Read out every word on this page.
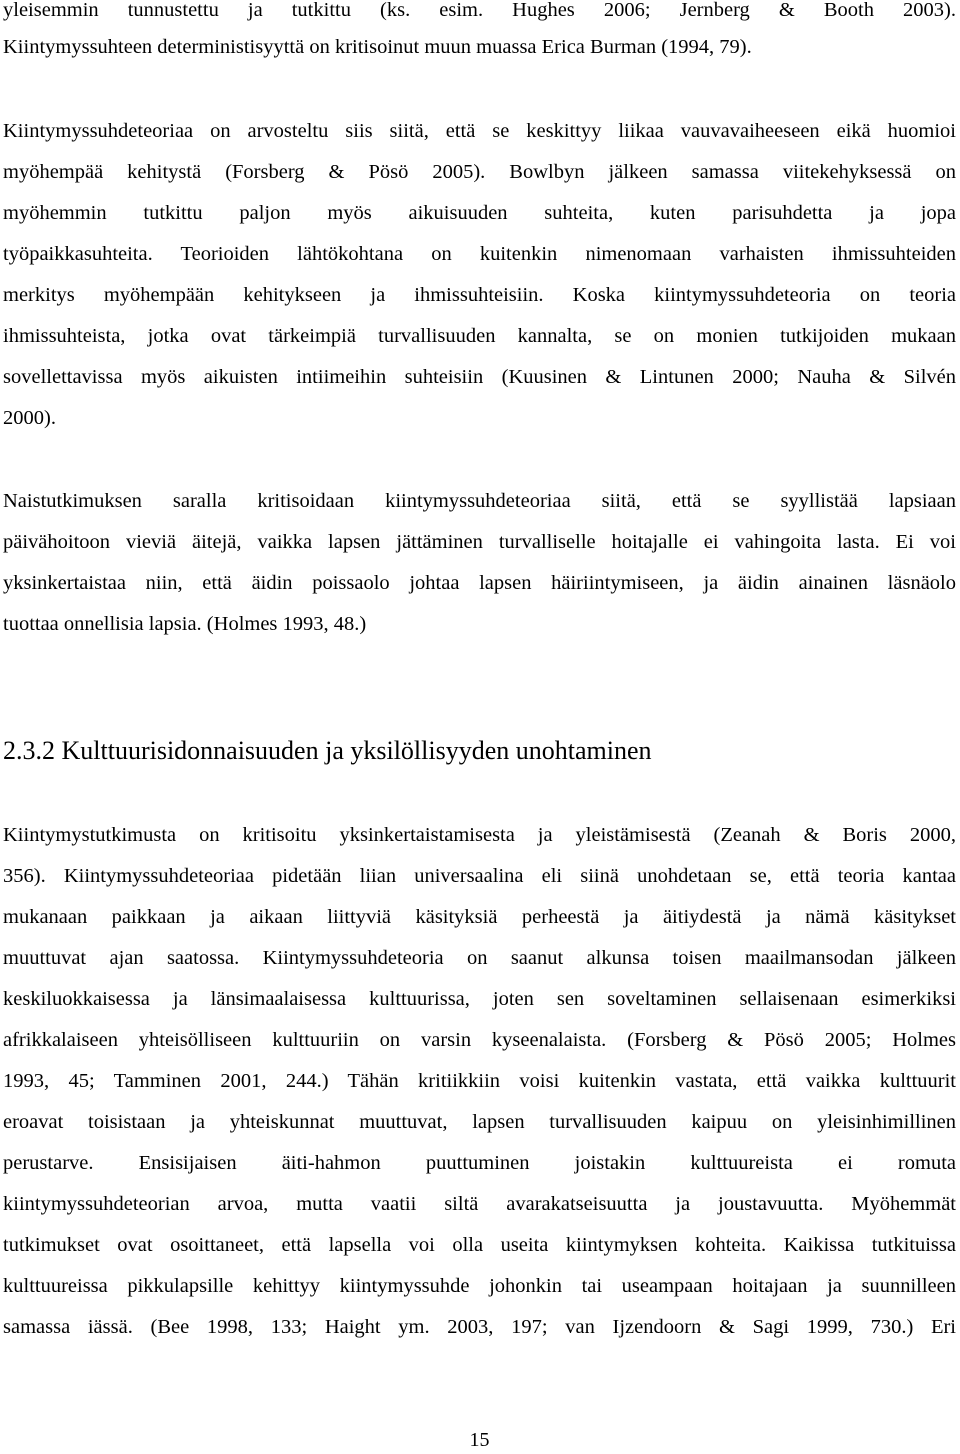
yleisemmin tunnustettu ja tutkittu (ks. esim. Hughes 2006; Jernberg & Booth 2003).
Kiintymyssuhteen deterministisyyttä on kritisoinut muun muassa Erica Burman (1994, 79).
Kiintymyssuhdeteoriaa on arvosteltu siis siitä, että se keskittyy liikaa vauvavaiheeseen eikä huomioi
myöhempää kehitystä (Forsberg & Pösö 2005). Bowlbyn jälkeen samassa viitekehyksessä on
myöhemmin tutkittu paljon myös aikuisuuden suhteita, kuten parisuhdetta ja jopa
työpaikkasuhteita. Teorioiden lähtökohtana on kuitenkin nimenomaan varhaisten ihmissuhteiden
merkitys myöhempään kehitykseen ja ihmissuhteisiin. Koska kiintymyssuhdeteoria on teoria
ihmissuhteista, jotka ovat tärkeimpiä turvallisuuden kannalta, se on monien tutkijoiden mukaan
sovellettavissa myös aikuisten intiimeihin suhteisiin (Kuusinen & Lintunen 2000; Nauha & Silvén
2000).
Naistutkimuksen saralla kritisoidaan kiintymyssuhdeteoriaa siitä, että se syyllistää lapsiaan
päivähoitoon vieviä äitejä, vaikka lapsen jättäminen turvalliselle hoitajalle ei vahingoita lasta. Ei voi
yksinkertaistaa niin, että äidin poissaolo johtaa lapsen häiriintymiseen, ja äidin ainainen läsnäolo
tuottaa onnellisia lapsia. (Holmes 1993, 48.)
2.3.2 Kulttuurisidonnaisuuden ja yksilöllisyyden unohtaminen
Kiintymystutkimusta on kritisoitu yksinkertaistamisesta ja yleistämisestä (Zeanah & Boris 2000,
356). Kiintymyssuhdeteoriaa pidetään liian universaalina eli siinä unohdetaan se, että teoria kantaa
mukanaan paikkaan ja aikaan liittyviä käsityksiä perheestä ja äitiydestä ja nämä käsitykset
muuttuvat ajan saatossa. Kiintymyssuhdeteoria on saanut alkunsa toisen maailmansodan jälkeen
keskiluokkaisessa ja länsimaalaisessa kulttuurissa, joten sen soveltaminen sellaisenaan esimerkiksi
afrikkalaiseen yhteisölliseen kulttuuriin on varsin kyseenalaista. (Forsberg & Pösö 2005; Holmes
1993, 45; Tamminen 2001, 244.) Tähän kritiikkiin voisi kuitenkin vastata, että vaikka kulttuurit
eroavat toisistaan ja yhteiskunnat muuttuvat, lapsen turvallisuuden kaipuu on yleisinhimillinen
perustarve. Ensisijaisen äiti-hahmon puuttuminen joistakin kulttuureista ei romuta
kiintymyssuhdeteorian arvoa, mutta vaatii siltä avarakatseisuutta ja joustavuutta. Myöhemmät
tutkimukset ovat osoittaneet, että lapsella voi olla useita kiintymyksen kohteita. Kaikissa tutkituissa
kulttuureissa pikkulapsille kehittyy kiintymyssuhde johonkin tai useampaan hoitajaan ja suunnilleen
samassa iässä. (Bee 1998, 133; Haight ym. 2003, 197; van Ijzendoorn & Sagi 1999, 730.) Eri
15
